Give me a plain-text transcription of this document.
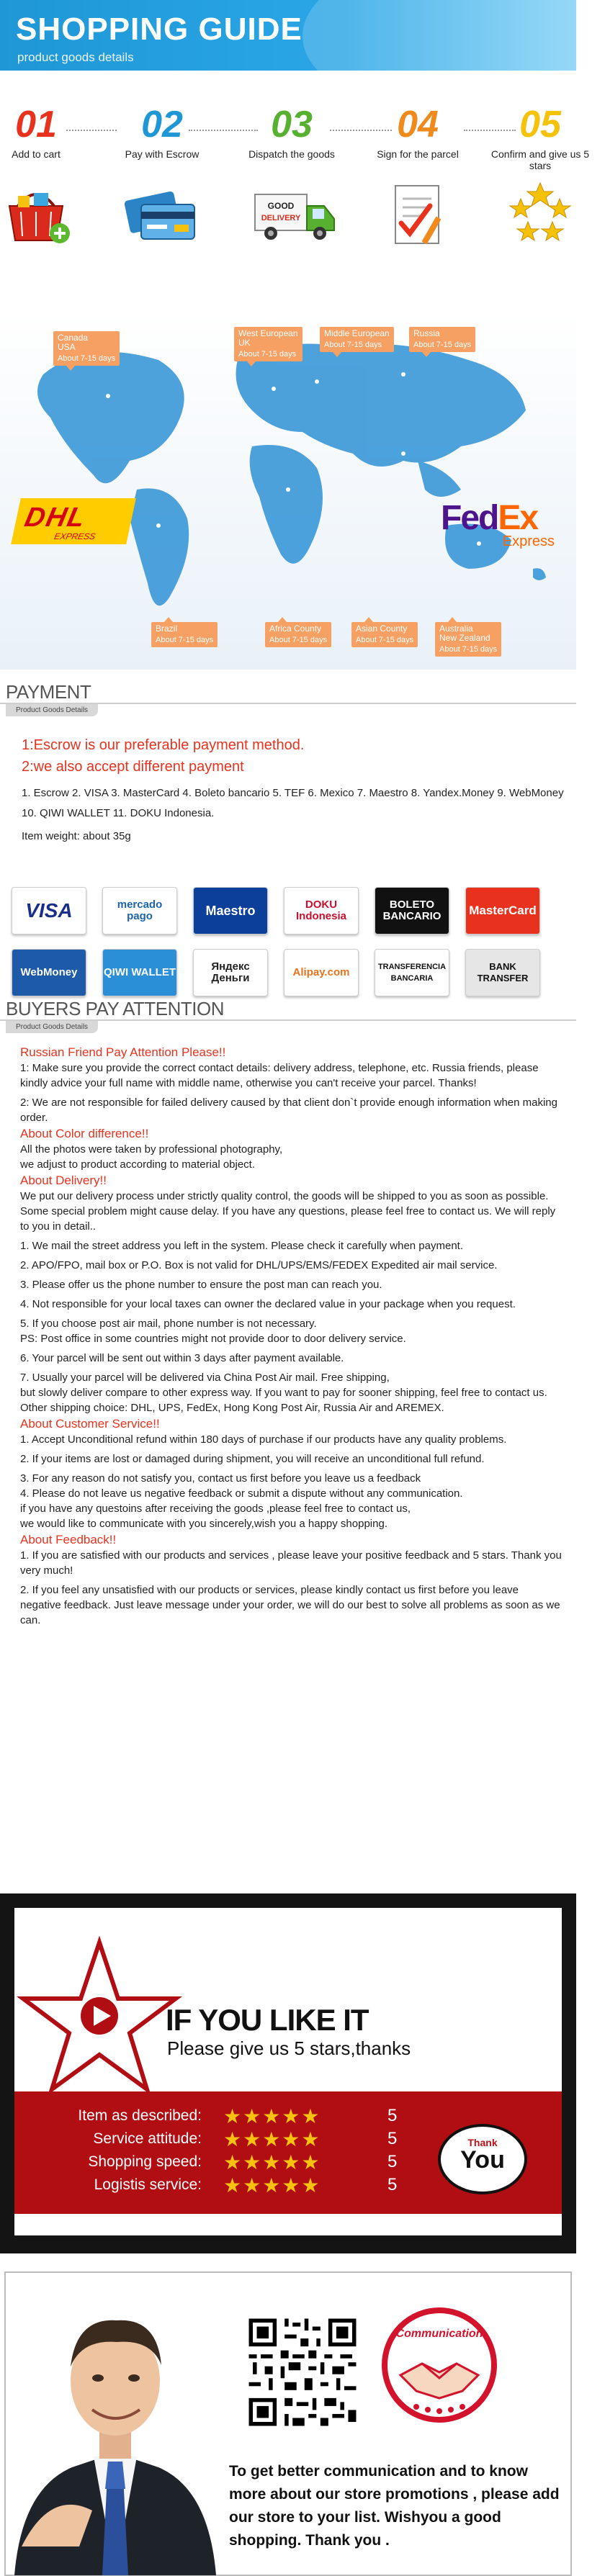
SHOPPING GUIDE
product goods details
01
Add to cart
02
Pay with Escrow
03
Dispatch the goods
GOOD
DELIVERY
04
Sign for the parcel
05
Confirm and give us 5 stars
Canada
USA
About 7-15 days
West European
UK
About 7-15 days
Middle European
About 7-15 days
Russia
About 7-15 days
Brazil
About 7-15 days
Africa County
About 7-15 days
Asian County
About 7-15 days
Australia
New Zealand
About 7-15 days
DHL
EXPRESS	FedEx
Express
PAYMENT
Product Goods Details
1:Escrow is our preferable payment method.
2:we also accept different payment
1. Escrow 2. VISA 3. MasterCard 4. Boleto bancario 5. TEF 6. Mexico 7. Maestro 8. Yandex.Money 9. WebMoney 10. QIWI WALLET 11. DOKU Indonesia.
Item weight: about 35g
VISA	mercado pago	Maestro	DOKU Indonesia
BOLETO BANCARIO	MasterCard
WebMoney	QIWI WALLET	Яндекс Деньги	Alipay.com	TRANSFERENCIA BANCARIA
BANK TRANSFER
BUYERS PAY ATTENTION
Product Goods Details

Russian Friend Pay Attention Please!!

1: Make sure you provide the correct contact details: delivery address, telephone, etc. Russia friends, please kindly advice your full name with middle name, otherwise you can't receive your parcel. Thanks!

2: We are not responsible for failed delivery caused by that client don`t provide enough information when making order.

About Color difference!!

All the photos were taken by professional photography,

we adjust to product according to material object.

About Delivery!!

We put our delivery process under strictly quality control, the goods will be shipped to you as soon as possible. Some special problem might cause delay. If you have any questions, please feel free to contact us. We will reply to you in detail..

1. We mail the street address you left in the system. Please check it carefully when payment.

2. APO/FPO, mail box or P.O. Box is not valid for DHL/UPS/EMS/FEDEX Expedited air mail service.

3. Please offer us the phone number to ensure the post man can reach you.

4. Not responsible for your local taxes can owner the declared value in your package when you request.

5. If you choose post air mail, phone number is not necessary.

PS: Post office in some countries might not provide door to door delivery service.

6. Your parcel will be sent out within 3 days after payment available.

7. Usually your parcel will be delivered via China Post Air mail. Free shipping,

but slowly deliver compare to other express way. If you want to pay for sooner shipping, feel free to contact us. Other shipping choice: DHL, UPS, FedEx, Hong Kong Post Air, Russia Air and AREMEX.

About Customer Service!!

1. Accept Unconditional refund within 180 days of purchase if our products have any quality problems.

2. If your items are lost or damaged during shipment, you will receive an unconditional full refund.

3. For any reason do not satisfy you, contact us first before you leave us a feedback

4. Please do not leave us negative feedback or submit a dispute without any communication.

if you have any questoins after receiving the goods ,please feel free to contact us,

we would like to communicate with you sincerely,wish you a happy shopping.

About Feedback!!

1. If you are satisfied with our products and services , please leave your positive feedback and 5 stars. Thank you very much!

2. If you feel any unsatisfied with our products or services, please kindly contact us first before you leave negative feedback. Just leave message under your order, we will do our best to solve all problems as soon as we can.

IF YOU LIKE IT
Please give us 5 stars,thanks
Item as described: ★★★★★	5
Service attitude: ★★★★★	5
Shopping speed: ★★★★★	5
Logistis service: ★★★★★	5
Thank
You
Communication
To get better communication and to know more about our store promotions , please add our store to your list. Wishyou a good shopping. Thank you .
